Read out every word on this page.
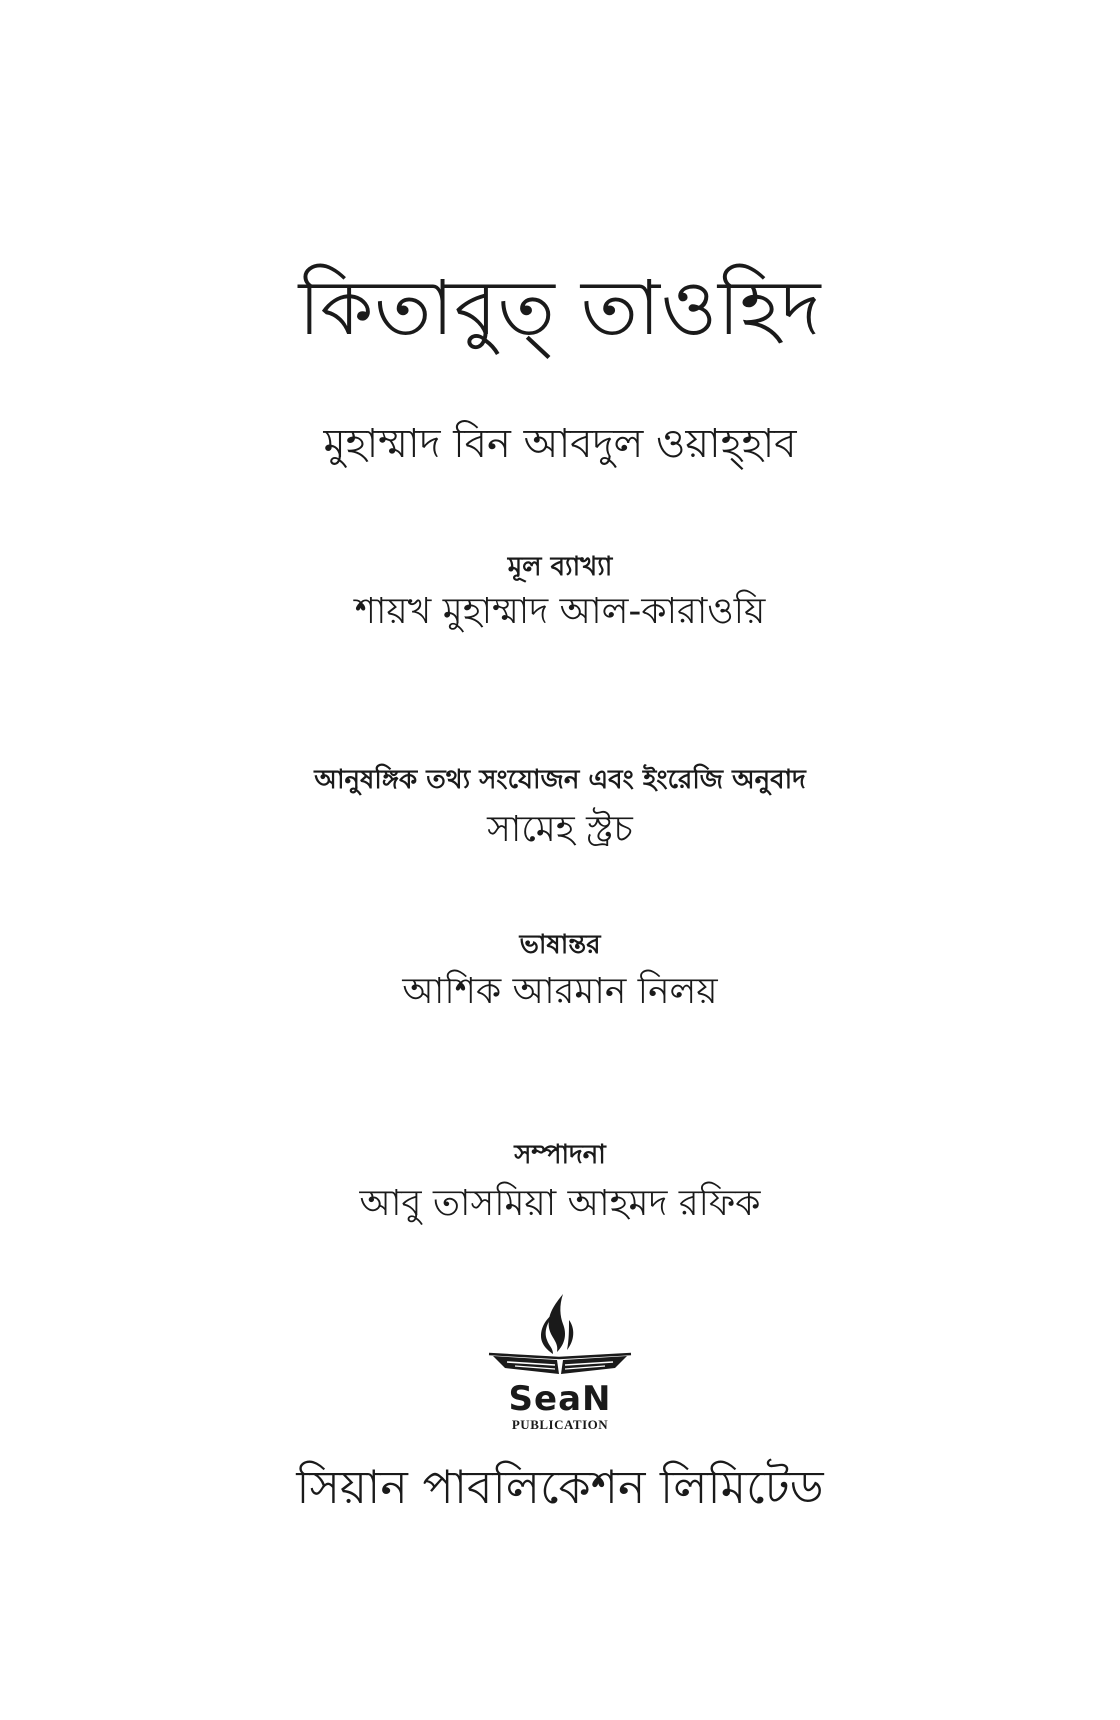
কিতাবুত্ তাওহিদ
মুহাম্মাদ বিন আবদুল ওয়াহ্হাব
মূল ব্যাখ্যা
শায়খ মুহাম্মাদ আল-কারাওয়ি
আনুষঙ্গিক তথ্য সংযোজন এবং ইংরেজি অনুবাদ
সামেহ স্ট্রচ
ভাষান্তর
আশিক আরমান নিলয়
সম্পাদনা
আবু তাসমিয়া আহমদ রফিক
SeaN
PUBLICATION
সিয়ান পাবলিকেশন লিমিটেড
